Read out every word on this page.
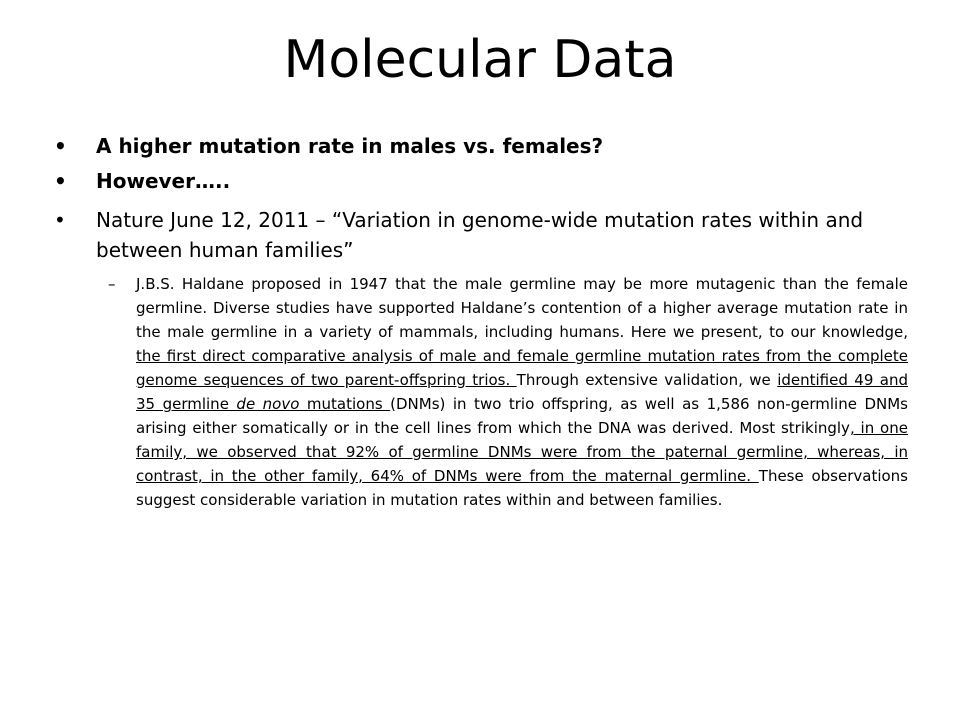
Molecular Data
•	A higher mutation rate in males vs. females?
•	However…..
•	Nature June 12, 2011 – “Variation in genome-wide mutation rates within and between human families”
–	J.B.S. Haldane proposed in 1947 that the male germline may be more mutagenic than the female germline. Diverse studies have supported Haldane’s contention of a higher average mutation rate in the male germline in a variety of mammals, including humans. Here we present, to our knowledge, the first direct comparative analysis of male and female germline mutation rates from the complete genome sequences of two parent-offspring trios. Through extensive validation, we identified 49 and 35 germline de novo mutations (DNMs) in two trio offspring, as well as 1,586 non-germline DNMs arising either somatically or in the cell lines from which the DNA was derived. Most strikingly, in one family, we observed that 92% of germline DNMs were from the paternal germline, whereas, in contrast, in the other family, 64% of DNMs were from the maternal germline. These observations suggest considerable variation in mutation rates within and between families.
